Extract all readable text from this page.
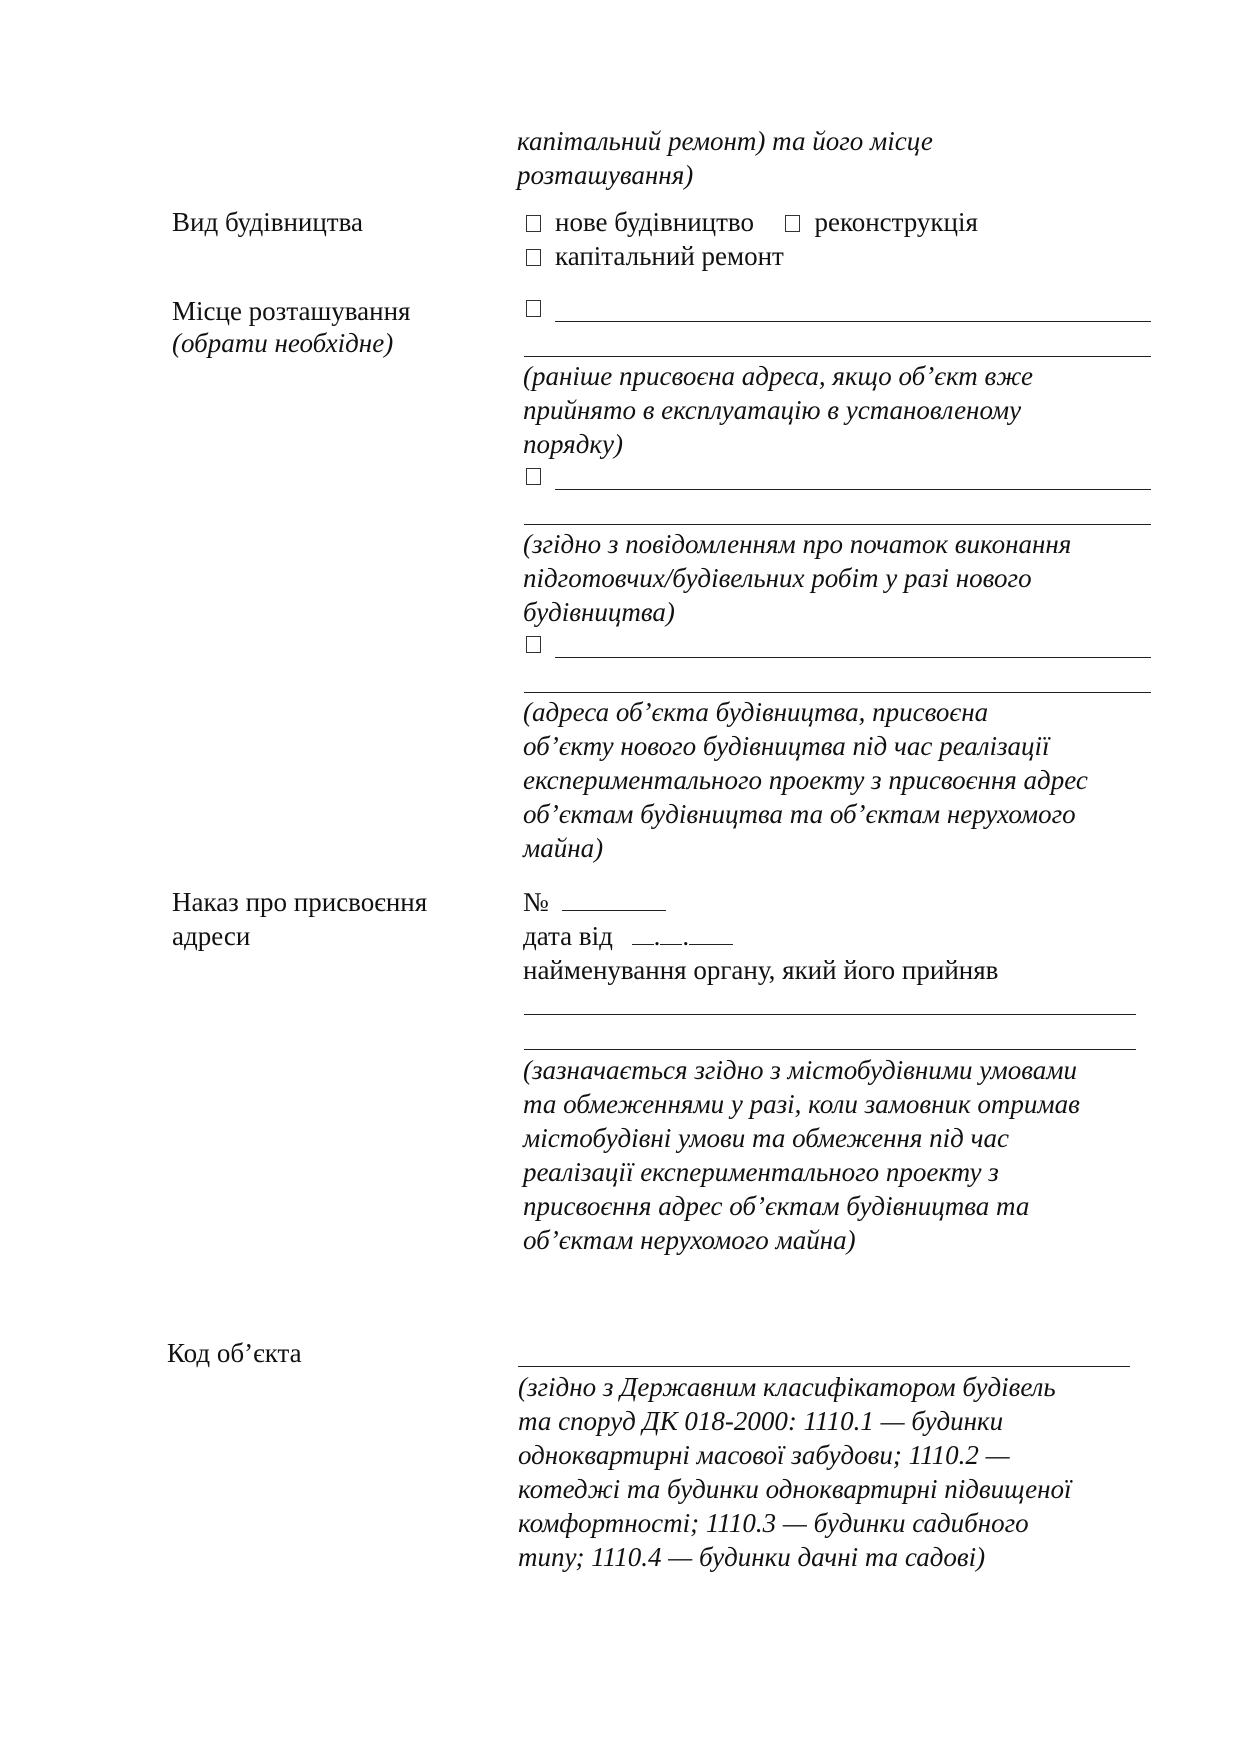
капітальний ремонт) та його місце
розташування)
Вид будівництва	нове будівництво реконструкція
капітальний ремонт
Місце розташування
(обрати необхідне)
(раніше присвоєна адреса, якщо об’єкт вже
прийнято в експлуатацію в установленому
порядку)
(згідно з повідомленням про початок виконання
підготовчих/будівельних робіт у разі нового
будівництва)
(адреса об’єкта будівництва, присвоєна
об’єкту нового будівництва під час реалізації
експериментального проекту з присвоєння адрес
об’єктам будівництва та об’єктам нерухомого
майна)
Наказ про присвоєння
адреси
№
дата від . .
найменування органу, який його прийняв
(зазначається згідно з містобудівними умовами
та обмеженнями у разі, коли замовник отримав
містобудівні умови та обмеження під час
реалізації експериментального проекту з
присвоєння адрес об’єктам будівництва та
об’єктам нерухомого майна)
Код об’єкта
(згідно з Державним класифікатором будівель
та споруд ДК 018-2000: 1110.1 — будинки
одноквартирні масової забудови; 1110.2 —
котеджі та будинки одноквартирні підвищеної
комфортності; 1110.3 — будинки садибного
типу; 1110.4 — будинки дачні та садові)
